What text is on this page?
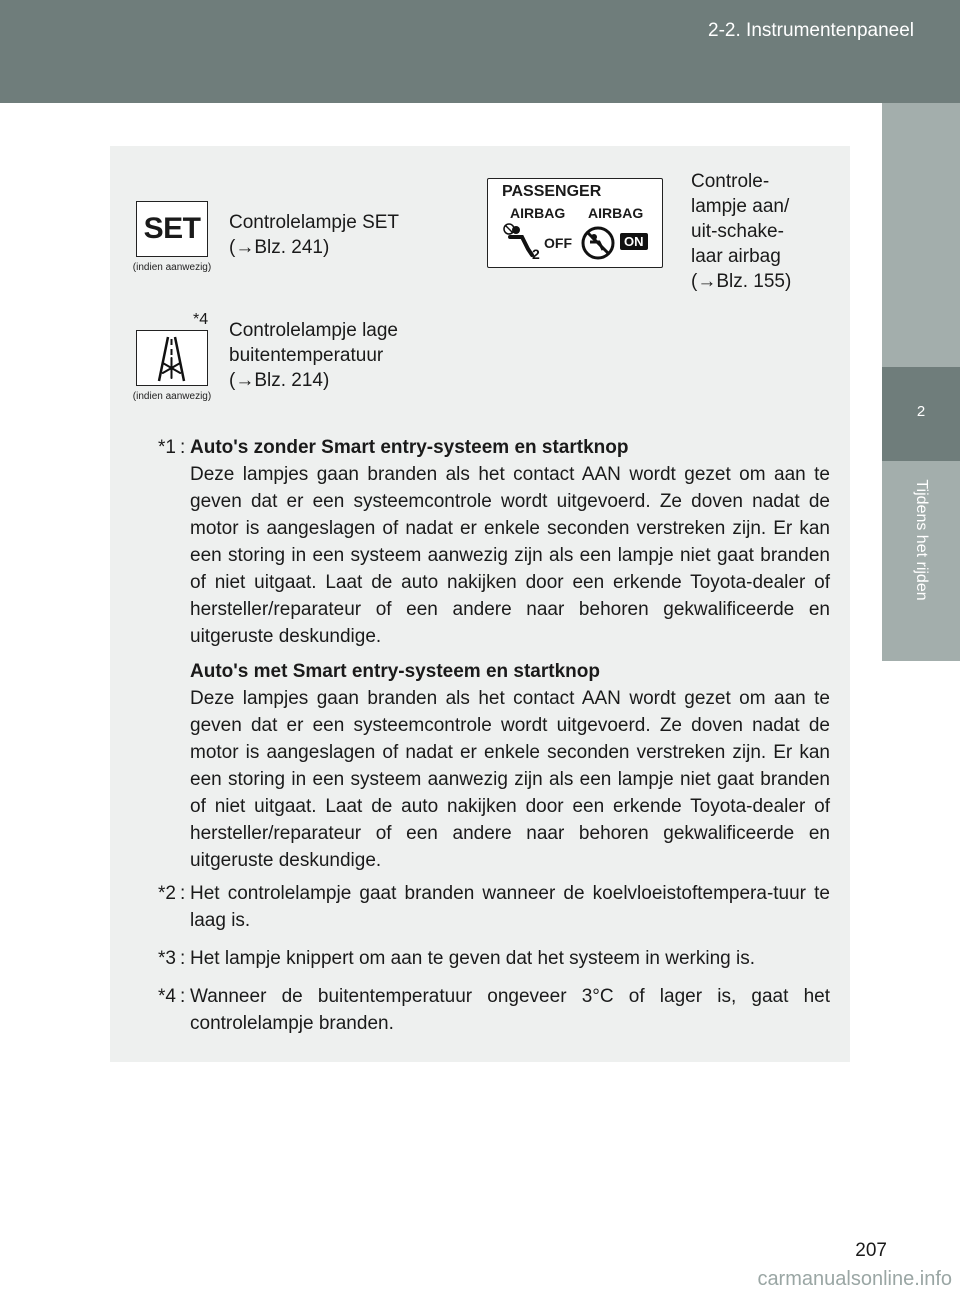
2-2. Instrumentenpaneel
2
Tijdens het rijden
SET
(indien aanwezig)
Controlelampje SET
(→Blz. 241)
*4
(indien aanwezig)
Controlelampje lage
buitentemperatuur
(→Blz. 214)
PASSENGER
AIRBAG AIRBAG
2
OFF	ON
Controle-
lampje aan/
uit-schake-
laar airbag
(→Blz. 155)
*1 : Auto's zonder Smart entry-systeem en startknop
Deze lampjes gaan branden als het contact AAN wordt gezet om aan te geven dat er een systeemcontrole wordt uitgevoerd. Ze doven nadat de motor is aangeslagen of nadat er enkele seconden verstreken zijn. Er kan een storing in een systeem aanwezig zijn als een lampje niet gaat branden of niet uitgaat. Laat de auto nakijken door een erkende Toyota-dealer of hersteller/reparateur of een andere naar behoren gekwalificeerde en uitgeruste deskundige.
Auto's met Smart entry-systeem en startknop
Deze lampjes gaan branden als het contact AAN wordt gezet om aan te geven dat er een systeemcontrole wordt uitgevoerd. Ze doven nadat de motor is aangeslagen of nadat er enkele seconden verstreken zijn. Er kan een storing in een systeem aanwezig zijn als een lampje niet gaat branden of niet uitgaat. Laat de auto nakijken door een erkende Toyota-dealer of hersteller/reparateur of een andere naar behoren gekwalificeerde en uitgeruste deskundige.
*2 : Het controlelampje gaat branden wanneer de koelvloeistoftempera-tuur te laag is.
*3 : Het lampje knippert om aan te geven dat het systeem in werking is.
*4 : Wanneer de buitentemperatuur ongeveer 3°C of lager is, gaat het controlelampje branden.
207
carmanualsonline.info
